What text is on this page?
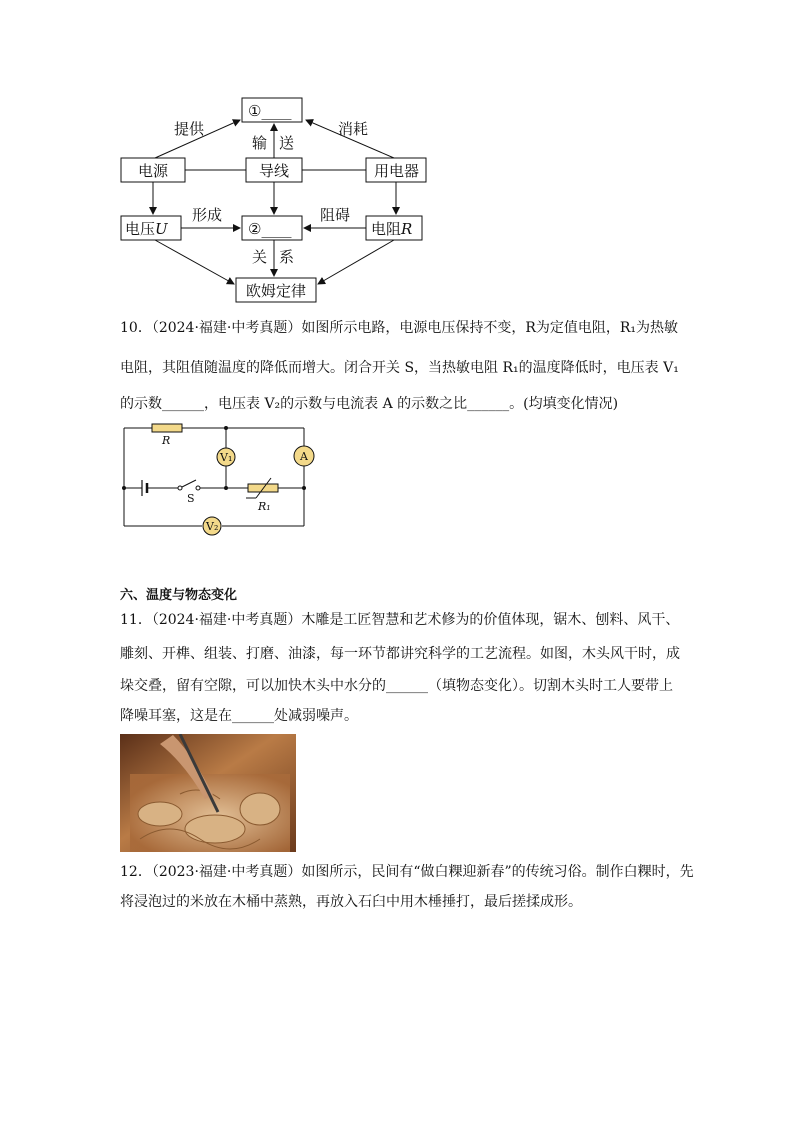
①____
电源	导线	用电器
电压U	②____	电阻R
欧姆定律
提供	消耗
输 送
形成	阻碍
关 系
10．（2024·福建·中考真题）如图所示电路，电源电压保持不变，R为定值电阻，R₁为热敏
电阻，其阻值随温度的降低而增大。闭合开关 S，当热敏电阻 R₁的温度降低时，电压表 V₁
的示数______，电压表 V₂的示数与电流表 A 的示数之比______。(均填变化情况)
R
V₁	A
S
R₁
V₂
六、温度与物态变化
11．（2024·福建·中考真题）木雕是工匠智慧和艺术修为的价值体现，锯木、刨料、风干、
雕刻、开榫、组装、打磨、油漆，每一环节都讲究科学的工艺流程。如图，木头风干时，成
垛交叠，留有空隙，可以加快木头中水分的______（填物态变化）。切割木头时工人要带上
降噪耳塞，这是在______处减弱噪声。
12．（2023·福建·中考真题）如图所示，民间有“做白粿迎新春”的传统习俗。制作白粿时，先
将浸泡过的米放在木桶中蒸熟，再放入石臼中用木棰捶打，最后搓揉成形。
